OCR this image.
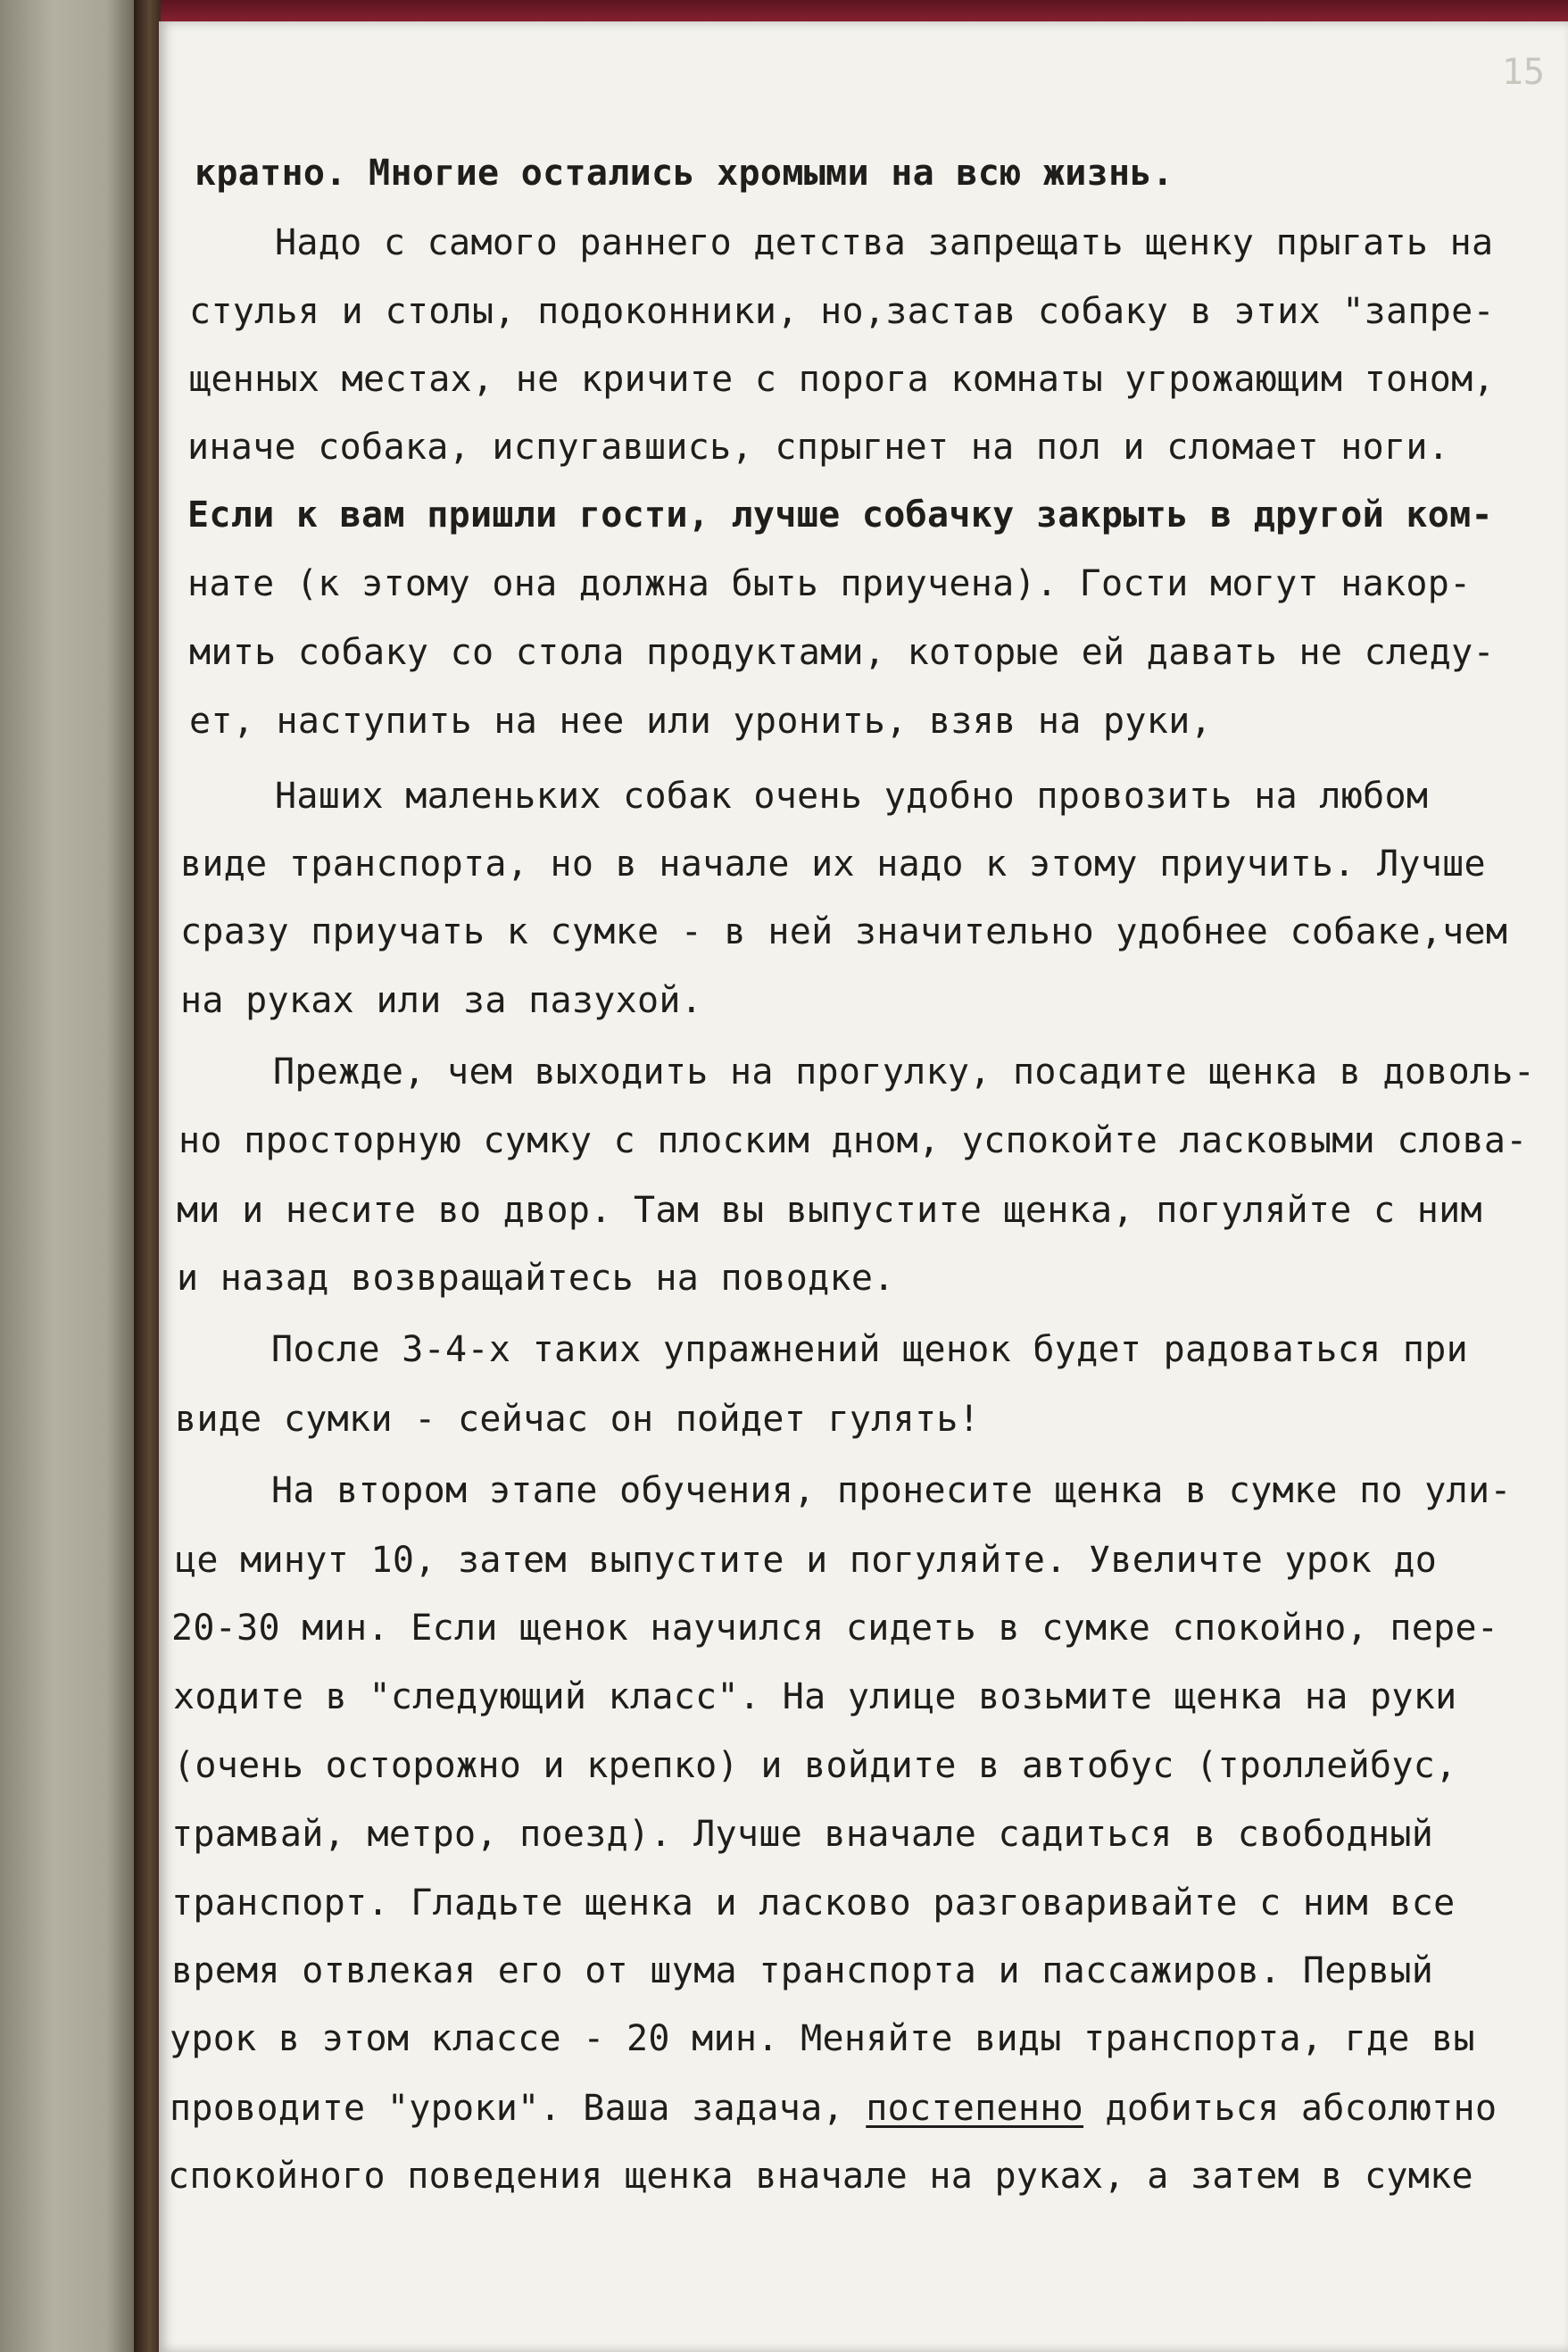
15
кратно. Многие остались хромыми на всю жизнь.
Надо с самого раннего детства запрещать щенку прыгать на
стулья и столы, подоконники, но,застав собаку в этих "запре-
щенных местах, не кричите с порога комнаты угрожающим тоном,
иначе собака, испугавшись, спрыгнет на пол и сломает ноги.
Если к вам пришли гости, лучше собачку закрыть в другой ком-
нате (к этому она должна быть приучена). Гости могут накор-
мить собаку со стола продуктами, которые ей давать не следу-
ет, наступить на нее или уронить, взяв на руки,
Наших маленьких собак очень удобно провозить на любом
виде транспорта, но в начале их надо к этому приучить. Лучше
сразу приучать к сумке - в ней значительно удобнее собаке,чем
на руках или за пазухой.
Прежде, чем выходить на прогулку, посадите щенка в доволь-
но просторную сумку с плоским дном, успокойте ласковыми слова-
ми и несите во двор. Там вы выпустите щенка, погуляйте с ним
и назад возвращайтесь на поводке.
После 3-4-х таких упражнений щенок будет радоваться при
виде сумки - сейчас он пойдет гулять!
На втором этапе обучения, пронесите щенка в сумке по ули-
це минут 10, затем выпустите и погуляйте. Увеличте урок до
20-30 мин. Если щенок научился сидеть в сумке спокойно, пере-
ходите в "следующий класс". На улице возьмите щенка на руки
(очень осторожно и крепко) и войдите в автобус (троллейбус,
трамвай, метро, поезд). Лучше вначале садиться в свободный
транспорт. Гладьте щенка и ласково разговаривайте с ним все
время отвлекая его от шума транспорта и пассажиров. Первый
урок в этом классе - 20 мин. Меняйте виды транспорта, где вы
проводите "уроки". Ваша задача, постепенно добиться абсолютно
спокойного поведения щенка вначале на руках, а затем в сумке
